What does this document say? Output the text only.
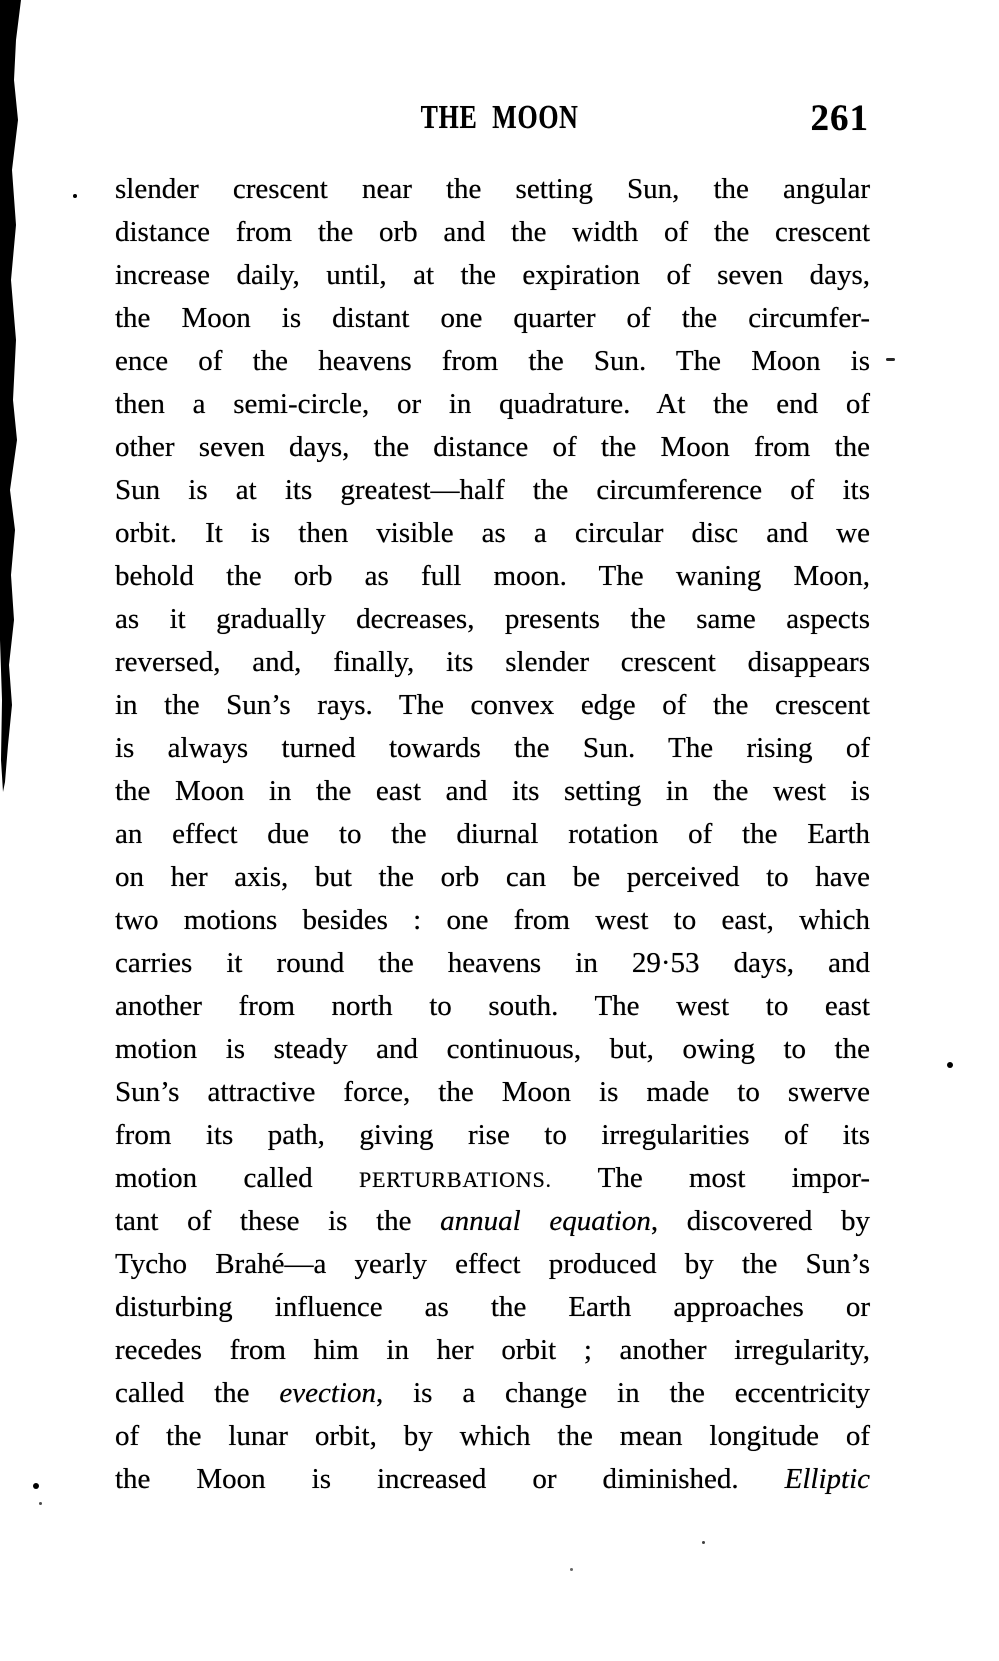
THE MOON	261
slender crescent near the setting Sun, the angular
distance from the orb and the width of the crescent
increase daily, until, at the expiration of seven days,
the Moon is distant one quarter of the circumfer-
ence of the heavens from the Sun. The Moon is
then a semi-circle, or in quadrature. At the end of
other seven days, the distance of the Moon from the
Sun is at its greatest—half the circumference of its
orbit. It is then visible as a circular disc and we
behold the orb as full moon. The waning Moon,
as it gradually decreases, presents the same aspects
reversed, and, finally, its slender crescent disappears
in the Sun’s rays. The convex edge of the crescent
is always turned towards the Sun. The rising of
the Moon in the east and its setting in the west is
an effect due to the diurnal rotation of the Earth
on her axis, but the orb can be perceived to have
two motions besides : one from west to east, which
carries it round the heavens in 29·53 days, and
another from north to south. The west to east
motion is steady and continuous, but, owing to the
Sun’s attractive force, the Moon is made to swerve
from its path, giving rise to irregularities of its
motion called PERTURBATIONS. The most impor-
tant of these is the annual equation, discovered by
Tycho Brahé—a yearly effect produced by the Sun’s
disturbing influence as the Earth approaches or
recedes from him in her orbit ; another irregularity,
called the evection, is a change in the eccentricity
of the lunar orbit, by which the mean longitude of
the Moon is increased or diminished. Elliptic
